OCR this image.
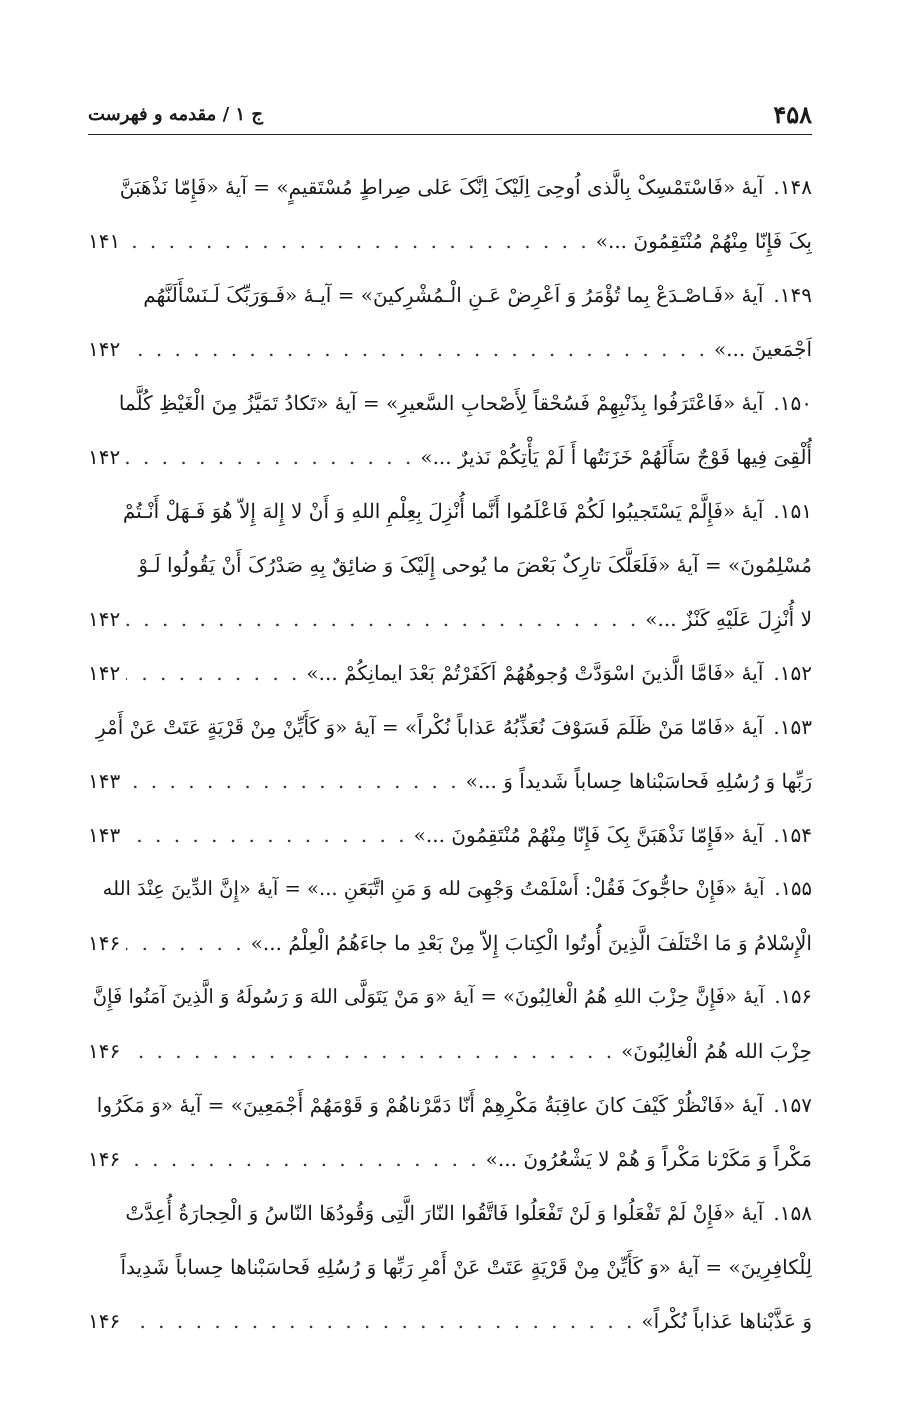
۴۵۸
ج ۱ / مقدمه و فهرست
۱۴۸.
آیهٔ «فَاسْتَمْسِکْ بِالَّذی اُوحِیَ اِلَیْکَ اِنَّکَ عَلی صِراطٍ مُسْتَقیمٍ» = آیهٔ «فَإِمّا نَذْهَبَنَّ
بِکَ فَإِنّا مِنْهُمْ مُنْتَقِمُونَ ...»
. . .
۱۴۱
۱۴۹.
آیهٔ «فَـاصْـدَعْ بِما تُؤْمَرُ وَ اَعْرِضْ عَـنِ الْـمُشْرِکینَ» = آیـهٔ «فَـوَرَبِّکَ لَـنَسْأَلَنَّهُم
اَجْمَعینَ ...»
. . .
۱۴۲
۱۵۰.
آیهٔ «فَاعْتَرَفُوا بِذَنْبِهِمْ فَسُحْقاً لِأَصْحابِ السَّعیرِ» = آیهٔ «تَکادُ تَمَیَّزُ مِنَ الْغَیْظِ کُلَّما
أُلْقِیَ فِیها فَوْجٌ سَأَلَهُمْ خَزَنَتُها أَ لَمْ یَأْتِکُمْ نَذیرٌ ...»
. . .
۱۴۲
۱۵۱.
آیهٔ «فَإِلَّمْ یَسْتَجیبُوا لَکُمْ فَاعْلَمُوا أَنَّما أُنْزِلَ بِعِلْمِ اللهِ وَ أَنْ لا إِلهَ إِلاّ هُوَ فَـهَلْ أَنْـتُمْ
مُسْلِمُونَ» = آیهٔ «فَلَعَلَّکَ تارِکٌ بَعْضَ ما یُوحی إِلَیْکَ وَ ضائِقٌ بِهِ صَدْرُکَ أَنْ یَقُولُوا لَـوْ
لا أُنْزِلَ عَلَیْهِ کَنْزٌ ...»
. . .
۱۴۲
۱۵۲.
آیهٔ «فَامَّا الَّذینَ اسْوَدَّتْ وُجوهُهُمْ اَکَفَرْتُمْ بَعْدَ ایمانِکُمْ ...»
. . .
۱۴۲
۱۵۳.
آیهٔ «فَامّا مَنْ ظَلَمَ فَسَوْفَ نُعَذِّبُهُ عَذاباً نُکْراً» = آیهٔ «وَ کَأَیِّنْ مِنْ قَرْیَةٍ عَتَتْ عَنْ أَمْرِ
رَبِّها وَ رُسُلِهِ فَحاسَبْناها حِساباً شَدیداً وَ ...»
. . .
۱۴۳
۱۵۴.
آیهٔ «فَإِمّا نَذْهَبَنَّ بِکَ فَإِنّا مِنْهُمْ مُنْتَقِمُونَ ...»
. . .
۱۴۳
۱۵۵.
آیهٔ «فَإِنْ حاجُّوکَ فَقُلْ: أَسْلَمْتُ وَجْهِیَ لله وَ مَنِ اتَّبَعَنِ ...» = آیهٔ «إِنَّ الدِّینَ عِنْدَ الله
الْإِسْلامُ وَ مَا اخْتَلَفَ الَّذِینَ أُوتُوا الْکِتابَ إِلاّ مِنْ بَعْدِ ما جاءَهُمُ الْعِلْمُ ...»
. . .
۱۴۶
۱۵۶.
آیهٔ «فَإِنَّ حِزْبَ اللهِ هُمُ الْغالِبُونَ» = آیهٔ «وَ مَنْ یَتَوَلَّی اللهَ وَ رَسُولَهُ وَ الَّذِینَ آمَنُوا فَإِنَّ
حِزْبَ الله هُمُ الْغالِبُونَ»
. . .
۱۴۶
۱۵۷.
آیهٔ «فَانْظُرْ کَیْفَ کانَ عاقِبَةُ مَکْرِهِمْ أَنّا دَمَّرْناهُمْ وَ قَوْمَهُمْ أَجْمَعِینَ» = آیهٔ «وَ مَکَرُوا
مَکْراً وَ مَکَرْنا مَکْراً وَ هُمْ لا یَشْعُرُونَ ...»
. . .
۱۴۶
۱۵۸.
آیهٔ «فَإِنْ لَمْ تَفْعَلُوا وَ لَنْ تَفْعَلُوا فَاتَّقُوا النّارَ الَّتِی وَقُودُهَا النّاسُ وَ الْحِجارَةُ أُعِدَّتْ
لِلْکافِرِینَ» = آیهٔ «وَ کَأَیِّنْ مِنْ قَرْیَةٍ عَتَتْ عَنْ أَمْرِ رَبِّها وَ رُسُلِهِ فَحاسَبْناها حِساباً شَدِیداً
وَ عَذَّبْناها عَذاباً نُکْراً»
. . .
۱۴۶
